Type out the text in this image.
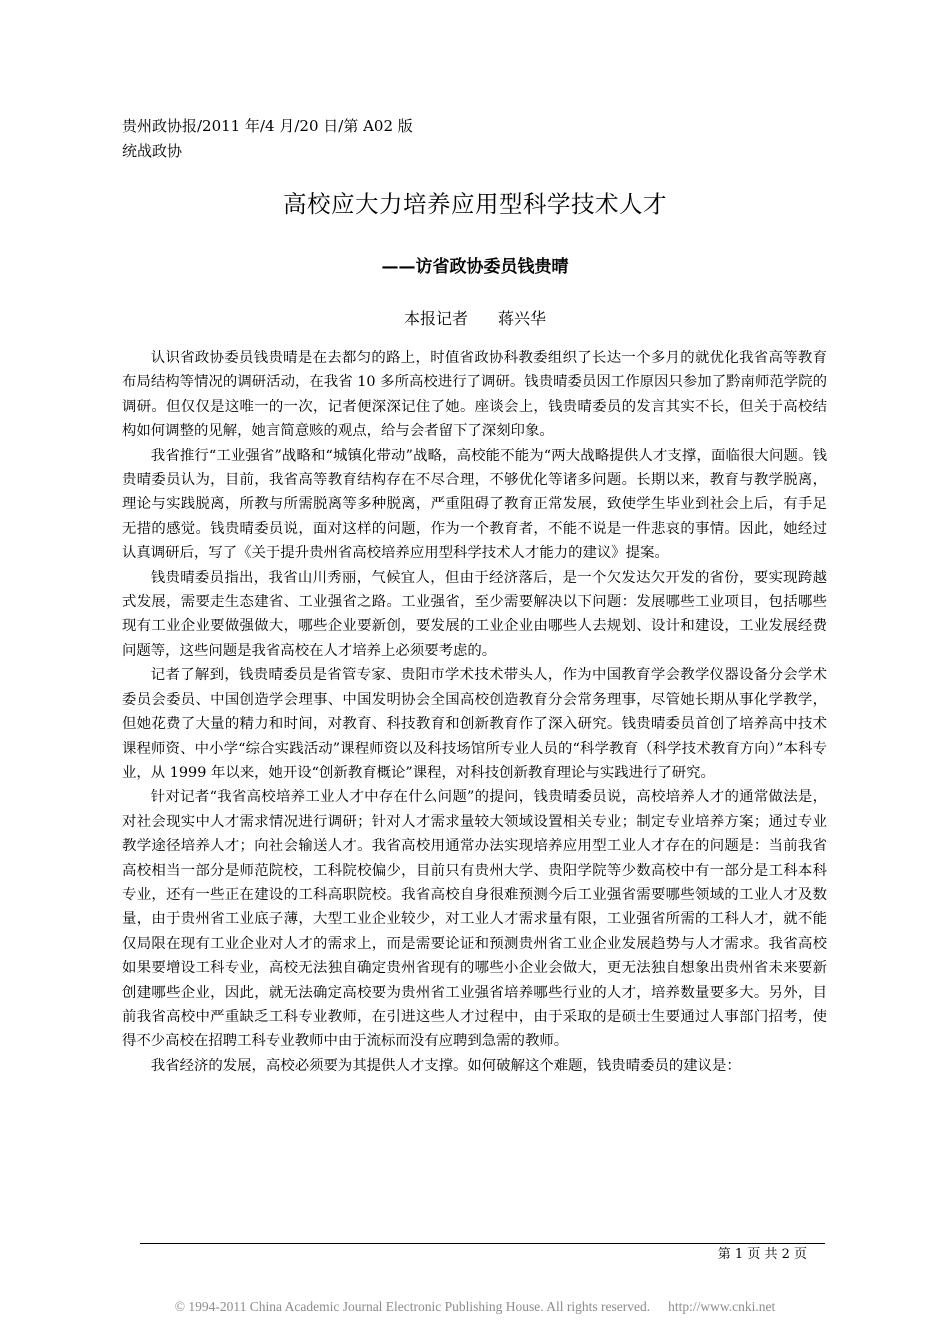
贵州政协报/2011 年/4 月/20 日/第 A02 版
统战政协
高校应大力培养应用型科学技术人才
——访省政协委员钱贵晴
本报记者 蒋兴华

认识省政协委员钱贵晴是在去都匀的路上，时值省政协科教委组织了长达一个多月的就优化我省高等教育布局结构等情况的调研活动，在我省 10 多所高校进行了调研。钱贵晴委员因工作原因只参加了黔南师范学院的调研。但仅仅是这唯一的一次，记者便深深记住了她。座谈会上，钱贵晴委员的发言其实不长，但关于高校结构如何调整的见解，她言简意赅的观点，给与会者留下了深刻印象。

我省推行“工业强省”战略和“城镇化带动”战略，高校能不能为“两大战略提供人才支撑，面临很大问题。钱贵晴委员认为，目前，我省高等教育结构存在不尽合理，不够优化等诸多问题。长期以来，教育与教学脱离，理论与实践脱离，所教与所需脱离等多种脱离，严重阻碍了教育正常发展，致使学生毕业到社会上后，有手足无措的感觉。钱贵晴委员说，面对这样的问题，作为一个教育者，不能不说是一件悲哀的事情。因此，她经过认真调研后，写了《关于提升贵州省高校培养应用型科学技术人才能力的建议》提案。

钱贵晴委员指出，我省山川秀丽，气候宜人，但由于经济落后，是一个欠发达欠开发的省份，要实现跨越式发展，需要走生态建省、工业强省之路。工业强省，至少需要解决以下问题：发展哪些工业项目，包括哪些现有工业企业要做强做大，哪些企业要新创，要发展的工业企业由哪些人去规划、设计和建设，工业发展经费问题等，这些问题是我省高校在人才培养上必须要考虑的。

记者了解到，钱贵晴委员是省管专家、贵阳市学术技术带头人，作为中国教育学会教学仪器设备分会学术委员会委员、中国创造学会理事、中国发明协会全国高校创造教育分会常务理事，尽管她长期从事化学教学，但她花费了大量的精力和时间，对教育、科技教育和创新教育作了深入研究。钱贵晴委员首创了培养高中技术课程师资、中小学“综合实践活动”课程师资以及科技场馆所专业人员的“科学教育（科学技术教育方向）”本科专业，从 1999 年以来，她开设“创新教育概论”课程，对科技创新教育理论与实践进行了研究。

针对记者“我省高校培养工业人才中存在什么问题”的提问，钱贵晴委员说，高校培养人才的通常做法是，对社会现实中人才需求情况进行调研；针对人才需求量较大领域设置相关专业；制定专业培养方案；通过专业教学途径培养人才；向社会输送人才。我省高校用通常办法实现培养应用型工业人才存在的问题是：当前我省高校相当一部分是师范院校，工科院校偏少，目前只有贵州大学、贵阳学院等少数高校中有一部分是工科本科专业，还有一些正在建设的工科高职院校。我省高校自身很难预测今后工业强省需要哪些领域的工业人才及数量，由于贵州省工业底子薄，大型工业企业较少，对工业人才需求量有限，工业强省所需的工科人才，就不能仅局限在现有工业企业对人才的需求上，而是需要论证和预测贵州省工业企业发展趋势与人才需求。我省高校如果要增设工科专业，高校无法独自确定贵州省现有的哪些小企业会做大，更无法独自想象出贵州省未来要新创建哪些企业，因此，就无法确定高校要为贵州省工业强省培养哪些行业的人才，培养数量要多大。另外，目前我省高校中严重缺乏工科专业教师，在引进这些人才过程中，由于采取的是硕士生要通过人事部门招考，使得不少高校在招聘工科专业教师中由于流标而没有应聘到急需的教师。

我省经济的发展，高校必须要为其提供人才支撑。如何破解这个难题，钱贵晴委员的建议是：

第 1 页 共 2 页
© 1994-2011 China Academic Journal Electronic Publishing House. All rights reserved. http://www.cnki.net
